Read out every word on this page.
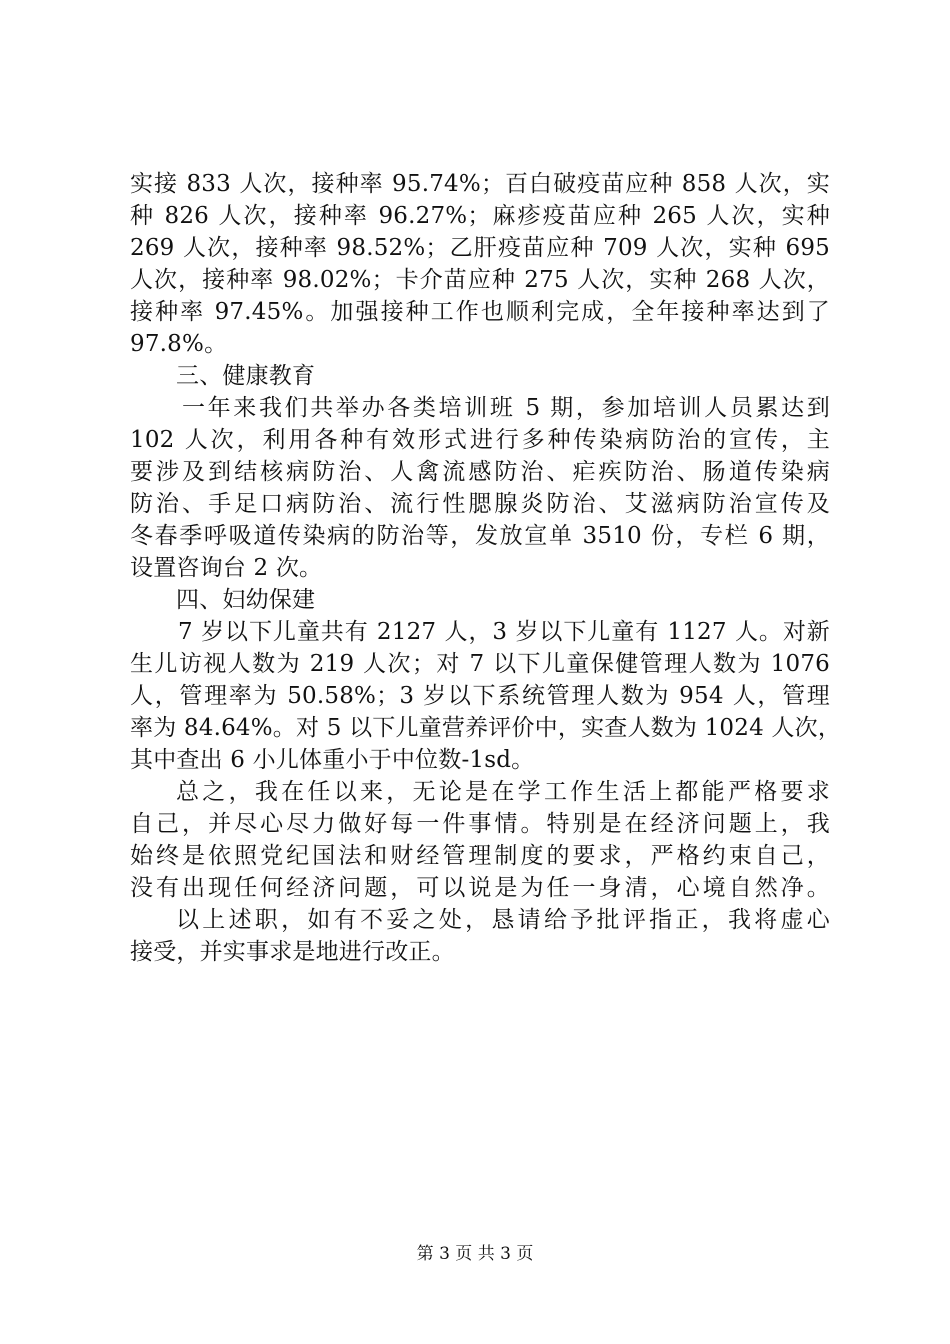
实接 833 人次，接种率 95.74%；百白破疫苗应种 858 人次，实
种 826 人次，接种率 96.27%；麻疹疫苗应种 265 人次，实种
269 人次，接种率 98.52%；乙肝疫苗应种 709 人次，实种 695
人次，接种率 98.02%；卡介苗应种 275 人次，实种 268 人次，
接种率 97.45%。加强接种工作也顺利完成，全年接种率达到了
97.8%。
三、健康教育
一年来我们共举办各类培训班 5 期，参加培训人员累达到
102 人次，利用各种有效形式进行多种传染病防治的宣传，主
要涉及到结核病防治、人禽流感防治、疟疾防治、肠道传染病
防治、手足口病防治、流行性腮腺炎防治、艾滋病防治宣传及
冬春季呼吸道传染病的防治等，发放宣单 3510 份，专栏 6 期，
设置咨询台 2 次。
四、妇幼保建
7 岁以下儿童共有 2127 人，3 岁以下儿童有 1127 人。对新
生儿访视人数为 219 人次；对 7 以下儿童保健管理人数为 1076
人，管理率为 50.58%；3 岁以下系统管理人数为 954 人，管理
率为 84.64%。对 5 以下儿童营养评价中，实查人数为 1024 人次，
其中查出 6 小儿体重小于中位数-1sd。
总之，我在任以来，无论是在学工作生活上都能严格要求
自己，并尽心尽力做好每一件事情。特别是在经济问题上，我
始终是依照党纪国法和财经管理制度的要求，严格约束自己，
没有出现任何经济问题，可以说是为任一身清，心境自然净。
以上述职，如有不妥之处，恳请给予批评指正，我将虚心
接受，并实事求是地进行改正。
第 3 页 共 3 页
